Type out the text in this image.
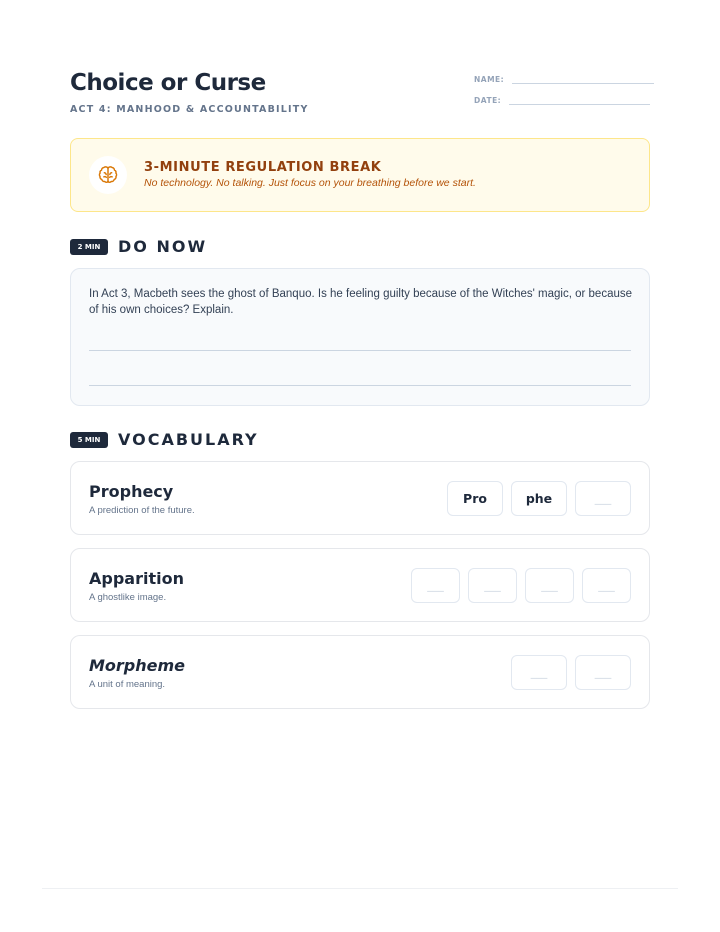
Choice or Curse
ACT 4: MANHOOD & ACCOUNTABILITY
NAME:
DATE:
3-MINUTE REGULATION BREAK
No technology. No talking. Just focus on your breathing before we start.
2 MIN	DO NOW
In Act 3, Macbeth sees the ghost of Banquo. Is he feeling guilty because of the Witches' magic, or because of his own choices? Explain.
5 MIN	VOCABULARY
Prophecy
A prediction of the future.
Pro	phe	___
Apparition
A ghostlike image.
___	___	___	___
Morpheme
A unit of meaning.
___	___
